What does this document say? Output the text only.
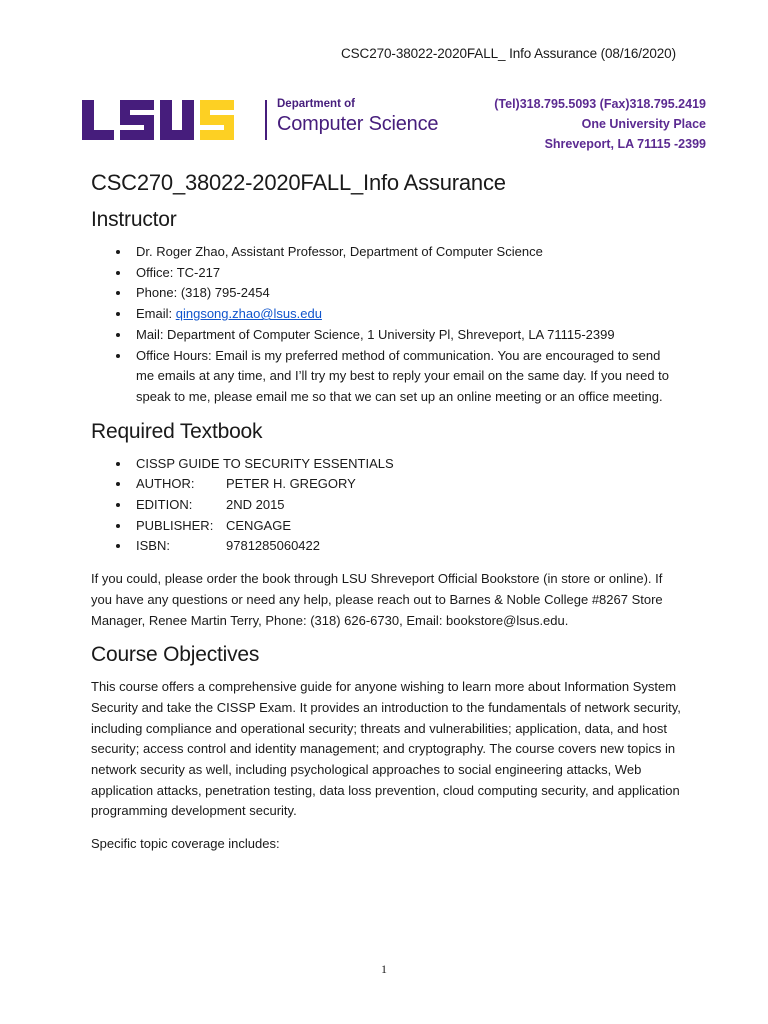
CSC270-38022-2020FALL_ Info Assurance (08/16/2020)
Department of
Computer Science
(Tel)318.795.5093 (Fax)318.795.2419
One University Place
Shreveport, LA 71115 -2399
CSC270_38022-2020FALL_Info Assurance
Instructor
Dr. Roger Zhao, Assistant Professor, Department of Computer Science
Office: TC-217
Phone: (318) 795-2454
Email: qingsong.zhao@lsus.edu
Mail: Department of Computer Science, 1 University Pl, Shreveport, LA 71115-2399
Office Hours: Email is my preferred method of communication. You are encouraged to send me emails at any time, and I’ll try my best to reply your email on the same day. If you need to speak to me, please email me so that we can set up an online meeting or an office meeting.
Required Textbook
CISSP GUIDE TO SECURITY ESSENTIALS
AUTHOR: PETER H. GREGORY
EDITION:	2ND 2015
PUBLISHER: CENGAGE
ISBN:	9781285060422

If you could, please order the book through LSU Shreveport Official Bookstore (in store or online). If you have any questions or need any help, please reach out to Barnes & Noble College #8267 Store Manager, Renee Martin Terry, Phone: (318) 626-6730, Email: bookstore@lsus.edu.

Course Objectives

This course offers a comprehensive guide for anyone wishing to learn more about Information System Security and take the CISSP Exam. It provides an introduction to the fundamentals of network security, including compliance and operational security; threats and vulnerabilities; application, data, and host security; access control and identity management; and cryptography. The course covers new topics in network security as well, including psychological approaches to social engineering attacks, Web application attacks, penetration testing, data loss prevention, cloud computing security, and application programming development security.

Specific topic coverage includes:

1
